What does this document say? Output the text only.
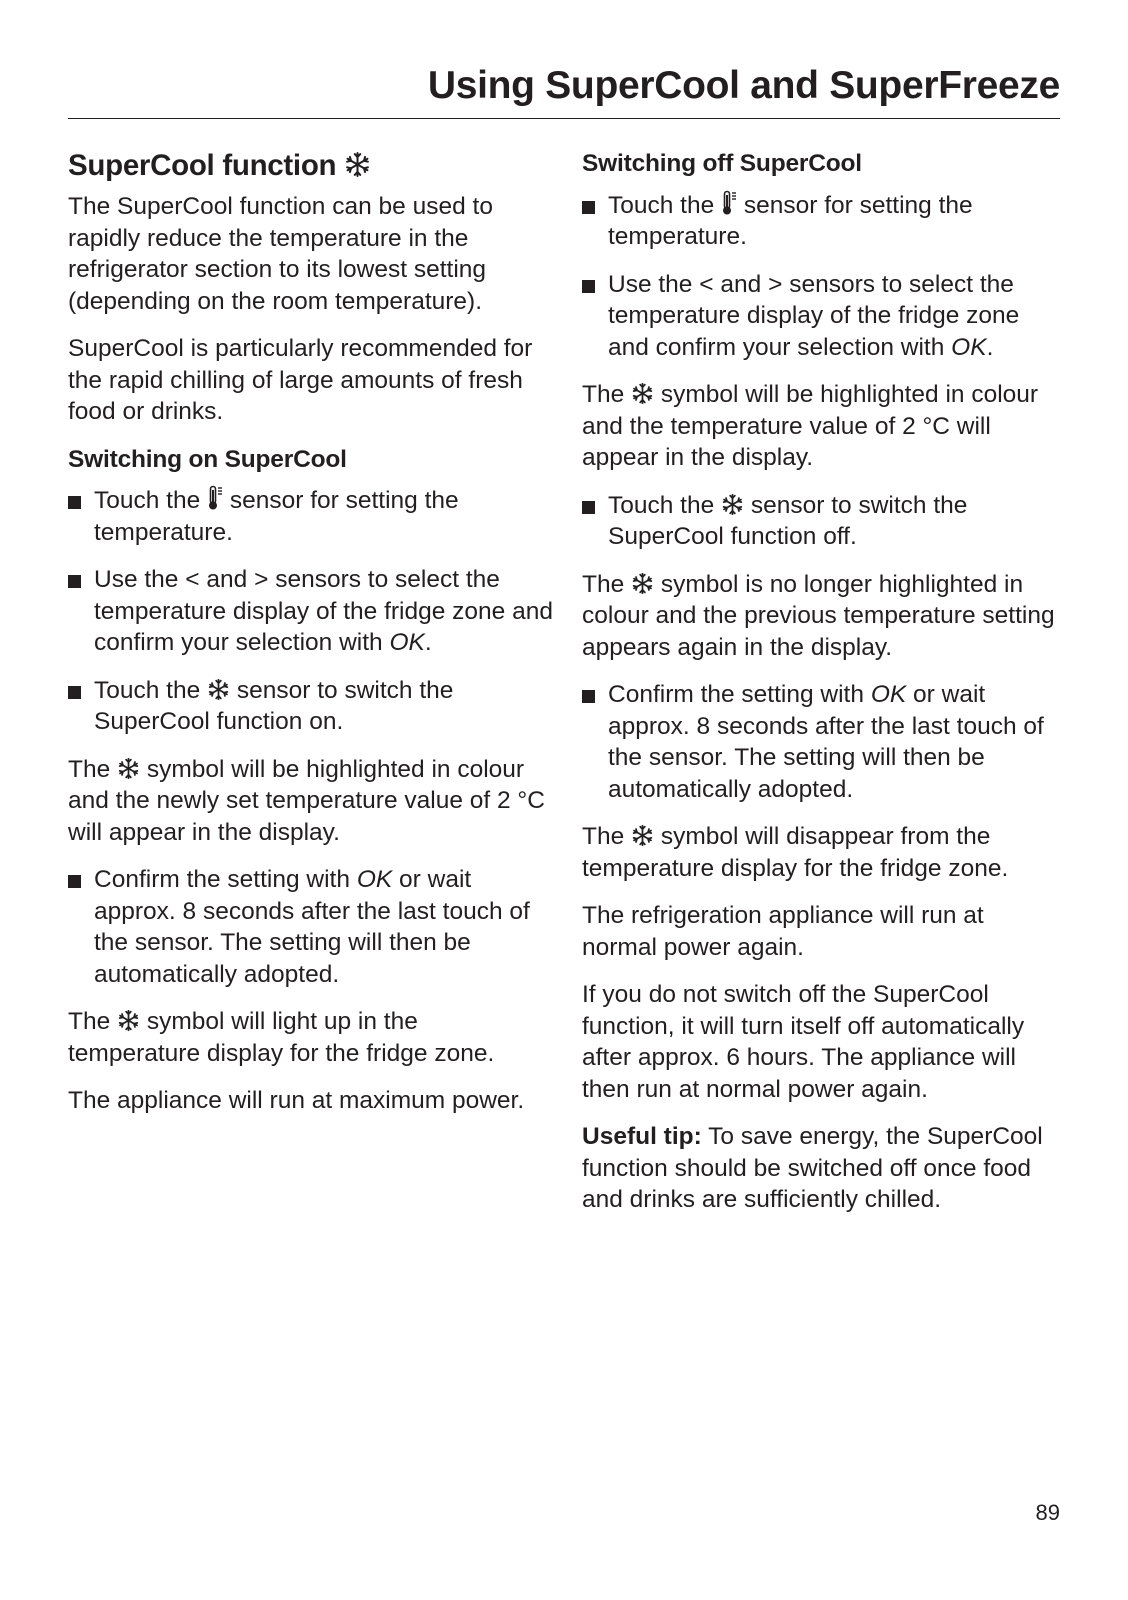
Using SuperCool and SuperFreeze
SuperCool function

The SuperCool function can be used to rapidly reduce the temperature in the refrigerator section to its lowest setting (depending on the room temperature).

SuperCool is particularly recommended for the rapid chilling of large amounts of fresh food or drinks.

Switching on SuperCool
Touch the sensor for setting the temperature.
Use the < and > sensors to select the temperature display of the fridge zone and confirm your selection with OK.
Touch the sensor to switch the SuperCool function on.

The symbol will be highlighted in colour and the newly set temperature value of 2 °C will appear in the display.

Confirm the setting with OK or wait approx. 8 seconds after the last touch of the sensor. The setting will then be automatically adopted.

The symbol will light up in the temperature display for the fridge zone.

The appliance will run at maximum power.

Switching off SuperCool
Touch the sensor for setting the temperature.
Use the < and > sensors to select the temperature display of the fridge zone and confirm your selection with OK.

The symbol will be highlighted in colour and the temperature value of 2 °C will appear in the display.

Touch the sensor to switch the SuperCool function off.

The symbol is no longer highlighted in colour and the previous temperature setting appears again in the display.

Confirm the setting with OK or wait approx. 8 seconds after the last touch of the sensor. The setting will then be automatically adopted.

The symbol will disappear from the temperature display for the fridge zone.

The refrigeration appliance will run at normal power again.

If you do not switch off the SuperCool function, it will turn itself off automatically after approx. 6 hours. The appliance will then run at normal power again.

Useful tip: To save energy, the SuperCool function should be switched off once food and drinks are sufficiently chilled.

89
